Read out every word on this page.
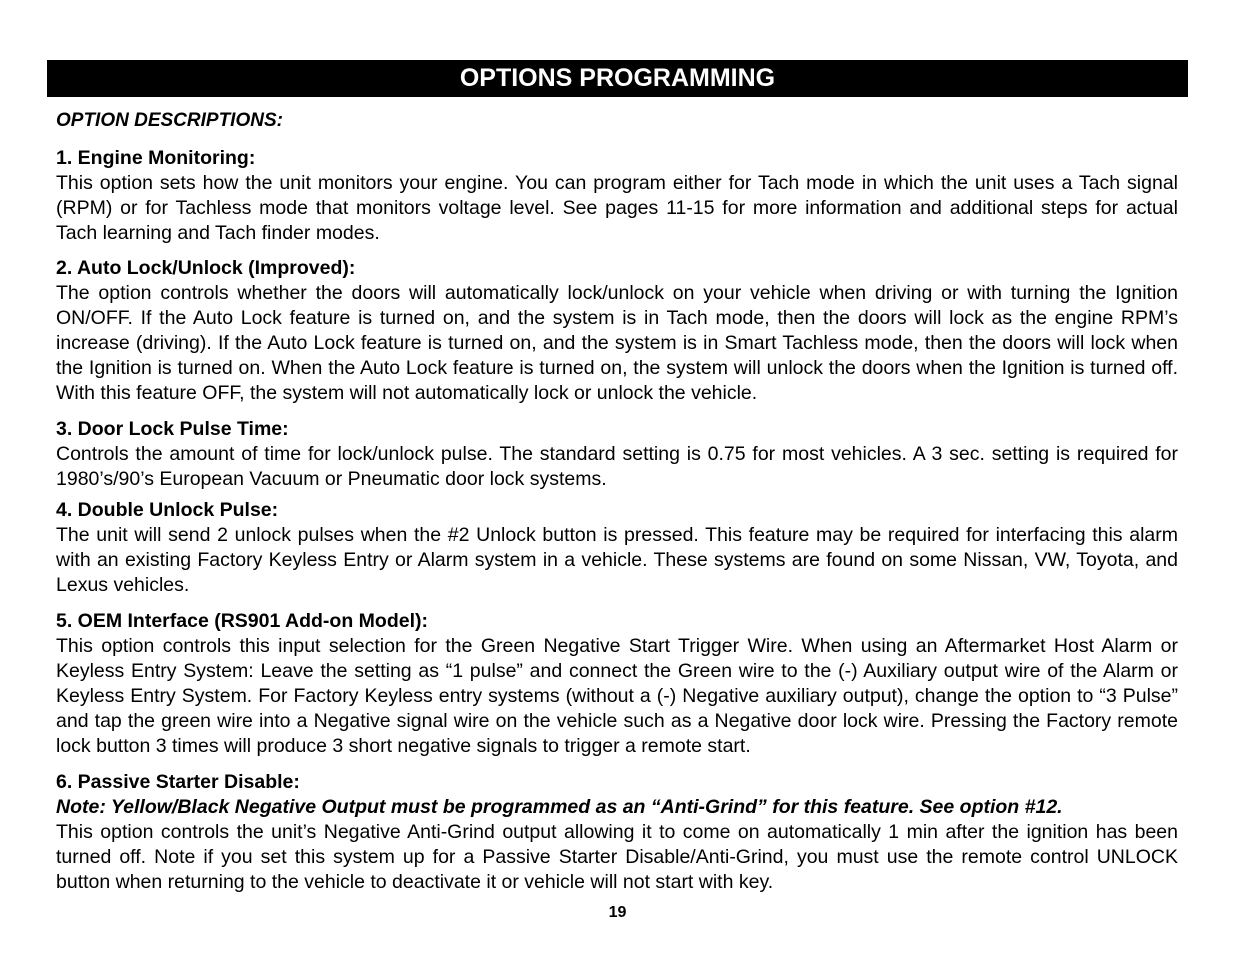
OPTIONS PROGRAMMING
OPTION DESCRIPTIONS:
1. Engine Monitoring:
This option sets how the unit monitors your engine. You can program either for Tach mode in which the unit uses a Tach signal (RPM) or for Tachless mode that monitors voltage level. See pages 11-15 for more information and additional steps for actual Tach learning and Tach finder modes.
2. Auto Lock/Unlock (Improved):
The option controls whether the doors will automatically lock/unlock on your vehicle when driving or with turning the Ignition ON/OFF. If the Auto Lock feature is turned on, and the system is in Tach mode, then the doors will lock as the engine RPM’s increase (driving). If the Auto Lock feature is turned on, and the system is in Smart Tachless mode, then the doors will lock when the Ignition is turned on. When the Auto Lock feature is turned on, the system will unlock the doors when the Ignition is turned off. With this feature OFF, the system will not automatically lock or unlock the vehicle.
3. Door Lock Pulse Time:
Controls the amount of time for lock/unlock pulse. The standard setting is 0.75 for most vehicles. A 3 sec. setting is required for 1980’s/90’s European Vacuum or Pneumatic door lock systems.
4. Double Unlock Pulse:
The unit will send 2 unlock pulses when the #2 Unlock button is pressed. This feature may be required for interfacing this alarm with an existing Factory Keyless Entry or Alarm system in a vehicle. These systems are found on some Nissan, VW, Toyota, and Lexus vehicles.
5. OEM Interface (RS901 Add-on Model):
This option controls this input selection for the Green Negative Start Trigger Wire. When using an Aftermarket Host Alarm or Keyless Entry System: Leave the setting as “1 pulse” and connect the Green wire to the (-) Auxiliary output wire of the Alarm or Keyless Entry System. For Factory Keyless entry systems (without a (-) Negative auxiliary output), change the option to “3 Pulse” and tap the green wire into a Negative signal wire on the vehicle such as a Negative door lock wire. Pressing the Factory remote lock button 3 times will produce 3 short negative signals to trigger a remote start.
6. Passive Starter Disable:
Note: Yellow/Black Negative Output must be programmed as an “Anti-Grind” for this feature. See option #12.
This option controls the unit’s Negative Anti-Grind output allowing it to come on automatically 1 min after the ignition has been turned off. Note if you set this system up for a Passive Starter Disable/Anti-Grind, you must use the remote control UNLOCK button when returning to the vehicle to deactivate it or vehicle will not start with key.
19
